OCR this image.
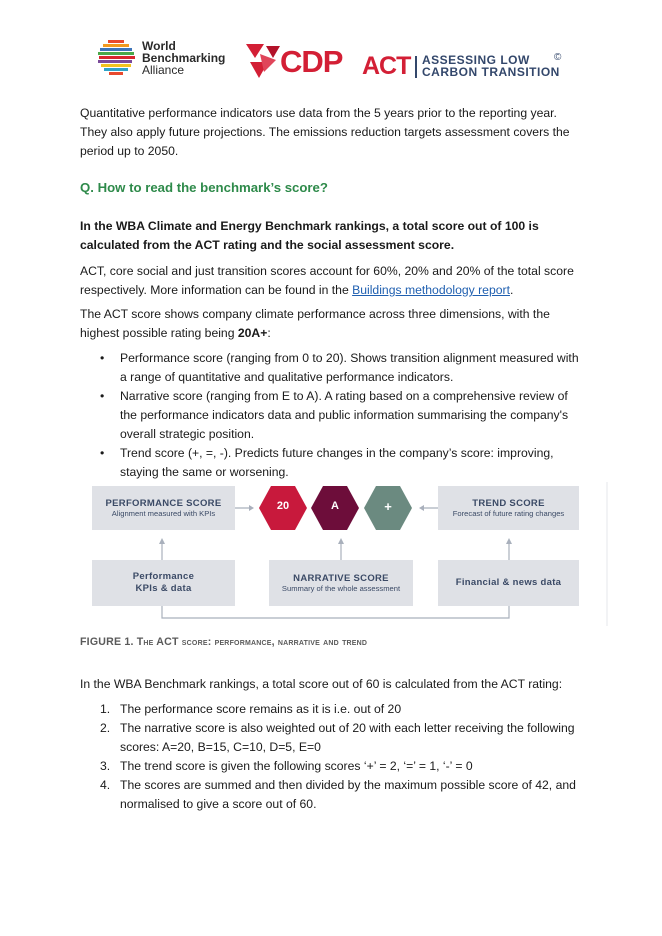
World
Benchmarking
Alliance	CDP ACT ASSESSING LOW
CARBON TRANSITION
©

Quantitative performance indicators use data from the 5 years prior to the reporting year. They also apply future projections. The emissions reduction targets assessment covers the period up to 2050.

Q. How to read the benchmark’s score?

In the WBA Climate and Energy Benchmark rankings, a total score out of 100 is calculated from the ACT rating and the social assessment score.

ACT, core social and just transition scores account for 60%, 20% and 20% of the total score respectively. More information can be found in the Buildings methodology report.

The ACT score shows company climate performance across three dimensions, with the highest possible rating being 20A+:

• Performance score (ranging from 0 to 20). Shows transition alignment measured with a range of quantitative and qualitative performance indicators.
• Narrative score (ranging from E to A). A rating based on a comprehensive review of the performance indicators data and public information summarising the company's overall strategic position.
• Trend score (+, =, -). Predicts future changes in the company’s score: improving, staying the same or worsening.
20	A	+
PERFORMANCE SCORE
Alignment measured with KPIs
TREND SCORE
Forecast of future rating changes
Performance
KPIs & data
NARRATIVE SCORE
Summary of the whole assessment
Financial & news data
FIGURE 1. The ACT score: performance, narrative and trend

In the WBA Benchmark rankings, a total score out of 60 is calculated from the ACT rating:

1. The performance score remains as it is i.e. out of 20
2. The narrative score is also weighted out of 20 with each letter receiving the following scores: A=20, B=15, C=10, D=5, E=0
3. The trend score is given the following scores ‘+’ = 2, ‘=’ = 1, ‘-’ = 0
4. The scores are summed and then divided by the maximum possible score of 42, and normalised to give a score out of 60.
